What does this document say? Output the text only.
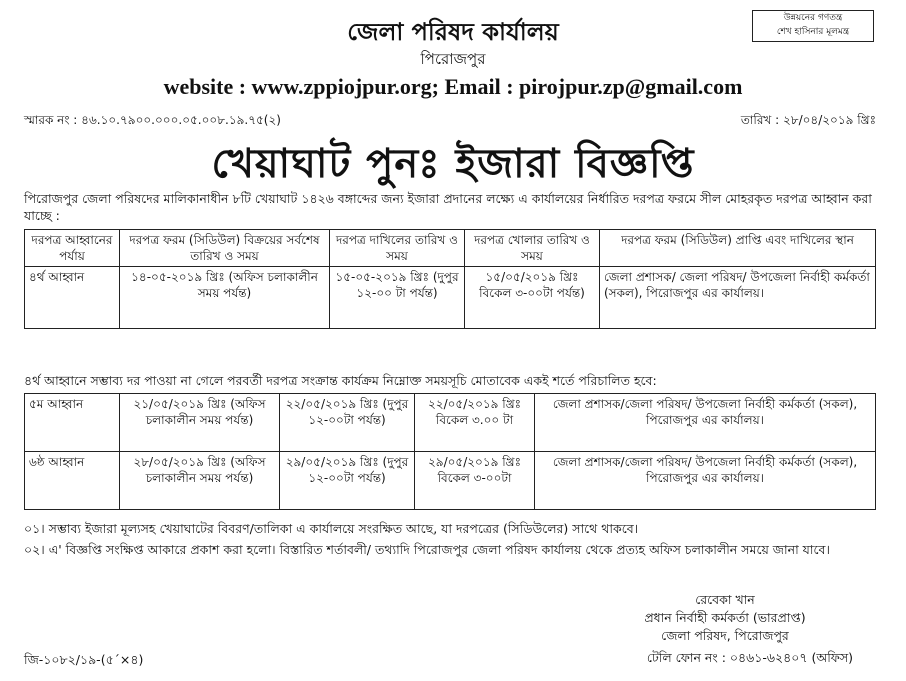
উন্নয়নের গণতন্ত্র
শেখ হাসিনার মূলমন্ত্র
জেলা পরিষদ কার্যালয়
পিরোজপুর
website : www.zppiojpur.org; Email : pirojpur.zp@gmail.com
স্মারক নং : ৪৬.১০.৭৯০০.০০০.০৫.০০৮.১৯.৭৫(২)	তারিখ : ২৮/০৪/২০১৯ খ্রিঃ
খেয়াঘাট পুনঃ ইজারা বিজ্ঞপ্তি
পিরোজপুর জেলা পরিষদের মালিকানাধীন ৮টি খেয়াঘাট ১৪২৬ বঙ্গাব্দের জন্য ইজারা প্রদানের লক্ষ্যে এ কার্যালয়ের নির্ধারিত দরপত্র ফরমে সীল মোহরকৃত দরপত্র আহ্বান করা যাচ্ছে :
দরপত্র আহ্বানের পর্যায়	দরপত্র ফরম (সিডিউল) বিক্রয়ের সর্বশেষ তারিখ ও সময়	দরপত্র দাখিলের তারিখ ও সময়	দরপত্র খোলার তারিখ ও সময়	দরপত্র ফরম (সিডিউল) প্রাপ্তি এবং দাখিলের স্থান
৪র্থ আহ্বান	১৪-০৫-২০১৯ খ্রিঃ (অফিস চলাকালীন সময় পর্যন্ত)	১৫-০৫-২০১৯ খ্রিঃ (দুপুর ১২-০০ টা পর্যন্ত)	১৫/০৫/২০১৯ খ্রিঃ বিকেল ৩-০০টা পর্যন্ত)	জেলা প্রশাসক/ জেলা পরিষদ/ উপজেলা নির্বাহী কর্মকর্তা (সকল), পিরোজপুর এর কার্যালয়।
৪র্থ আহ্বানে সম্ভাব্য দর পাওয়া না গেলে পরবর্তী দরপত্র সংক্রান্ত কার্যক্রম নিম্নোক্ত সময়সূচি মোতাবেক একই শর্তে পরিচালিত হবে:
৫ম আহ্বান	২১/০৫/২০১৯ খ্রিঃ (অফিস চলাকালীন সময় পর্যন্ত)	২২/০৫/২০১৯ খ্রিঃ (দুপুর ১২-০০টা পর্যন্ত)	২২/০৫/২০১৯ খ্রিঃ বিকেল ৩.০০ টা	জেলা প্রশাসক/জেলা পরিষদ/ উপজেলা নির্বাহী কর্মকর্তা (সকল), পিরোজপুর এর কার্যালয়।
৬ষ্ঠ আহ্বান	২৮/০৫/২০১৯ খ্রিঃ (অফিস চলাকালীন সময় পর্যন্ত)	২৯/০৫/২০১৯ খ্রিঃ (দুপুর ১২-০০টা পর্যন্ত)	২৯/০৫/২০১৯ খ্রিঃ বিকেল ৩-০০টা	জেলা প্রশাসক/জেলা পরিষদ/ উপজেলা নির্বাহী কর্মকর্তা (সকল), পিরোজপুর এর কার্যালয়।
০১। সম্ভাব্য ইজারা মূল্যসহ খেয়াঘাটের বিবরণ/তালিকা এ কার্যালয়ে সংরক্ষিত আছে, যা দরপত্রের (সিডিউলের) সাথে থাকবে।
০২। এ' বিজ্ঞপ্তি সংক্ষিপ্ত আকারে প্রকাশ করা হলো। বিস্তারিত শর্তাবলী/ তথ্যাদি পিরোজপুর জেলা পরিষদ কার্যালয় থেকে প্রত্যহ অফিস চলাকালীন সময়ে জানা যাবে।
রেবেকা খান
প্রধান নির্বাহী কর্মকর্তা (ভারপ্রাপ্ত)
জেলা পরিষদ, পিরোজপুর
টেলি ফোন নং : ০৪৬১-৬২৪০৭ (অফিস)
জি-১০৮২/১৯-(৫´×৪)
